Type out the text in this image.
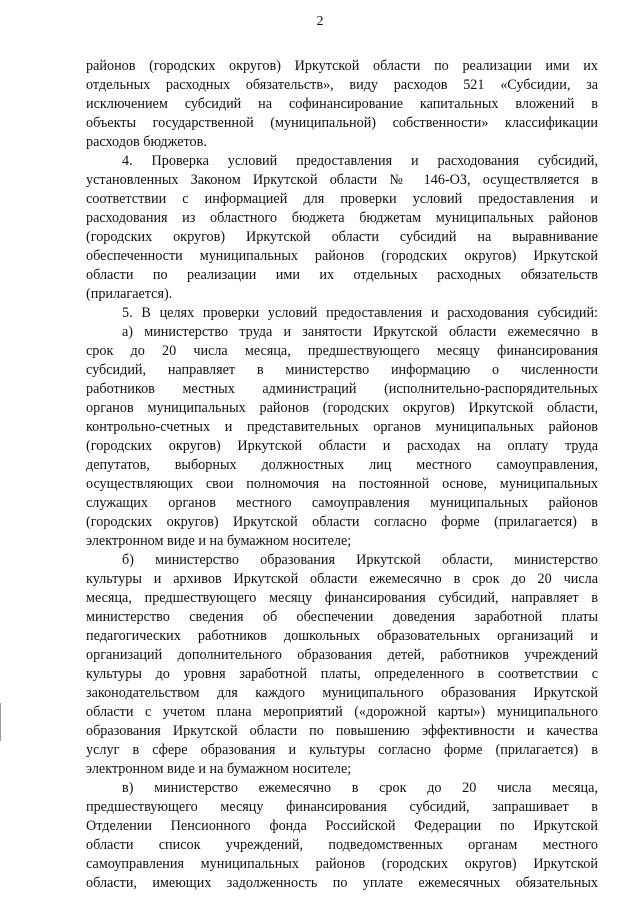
2
районов (городских округов) Иркутской области по реализации ими их
отдельных расходных обязательств», виду расходов 521 «Субсидии, за
исключением субсидий на софинансирование капитальных вложений в
объекты государственной (муниципальной) собственности» классификации
расходов бюджетов.
4. Проверка условий предоставления и расходования субсидий,
установленных Законом Иркутской области № 146-ОЗ, осуществляется в
соответствии с информацией для проверки условий предоставления и
расходования из областного бюджета бюджетам муниципальных районов
(городских округов) Иркутской области субсидий на выравнивание
обеспеченности муниципальных районов (городских округов) Иркутской
области по реализации ими их отдельных расходных обязательств
(прилагается).
5. В целях проверки условий предоставления и расходования субсидий:
а) министерство труда и занятости Иркутской области ежемесячно в
срок до 20 числа месяца, предшествующего месяцу финансирования
субсидий, направляет в министерство информацию о численности
работников местных администраций (исполнительно-распорядительных
органов муниципальных районов (городских округов) Иркутской области,
контрольно-счетных и представительных органов муниципальных районов
(городских округов) Иркутской области и расходах на оплату труда
депутатов, выборных должностных лиц местного самоуправления,
осуществляющих свои полномочия на постоянной основе, муниципальных
служащих органов местного самоуправления муниципальных районов
(городских округов) Иркутской области согласно форме (прилагается) в
электронном виде и на бумажном носителе;
б) министерство образования Иркутской области, министерство
культуры и архивов Иркутской области ежемесячно в срок до 20 числа
месяца, предшествующего месяцу финансирования субсидий, направляет в
министерство сведения об обеспечении доведения заработной платы
педагогических работников дошкольных образовательных организаций и
организаций дополнительного образования детей, работников учреждений
культуры до уровня заработной платы, определенного в соответствии с
законодательством для каждого муниципального образования Иркутской
области с учетом плана мероприятий («дорожной карты») муниципального
образования Иркутской области по повышению эффективности и качества
услуг в сфере образования и культуры согласно форме (прилагается) в
электронном виде и на бумажном носителе;
в) министерство ежемесячно в срок до 20 числа месяца,
предшествующего месяцу финансирования субсидий, запрашивает в
Отделении Пенсионного фонда Российской Федерации по Иркутской
области список учреждений, подведомственных органам местного
самоуправления муниципальных районов (городских округов) Иркутской
области, имеющих задолженность по уплате ежемесячных обязательных
